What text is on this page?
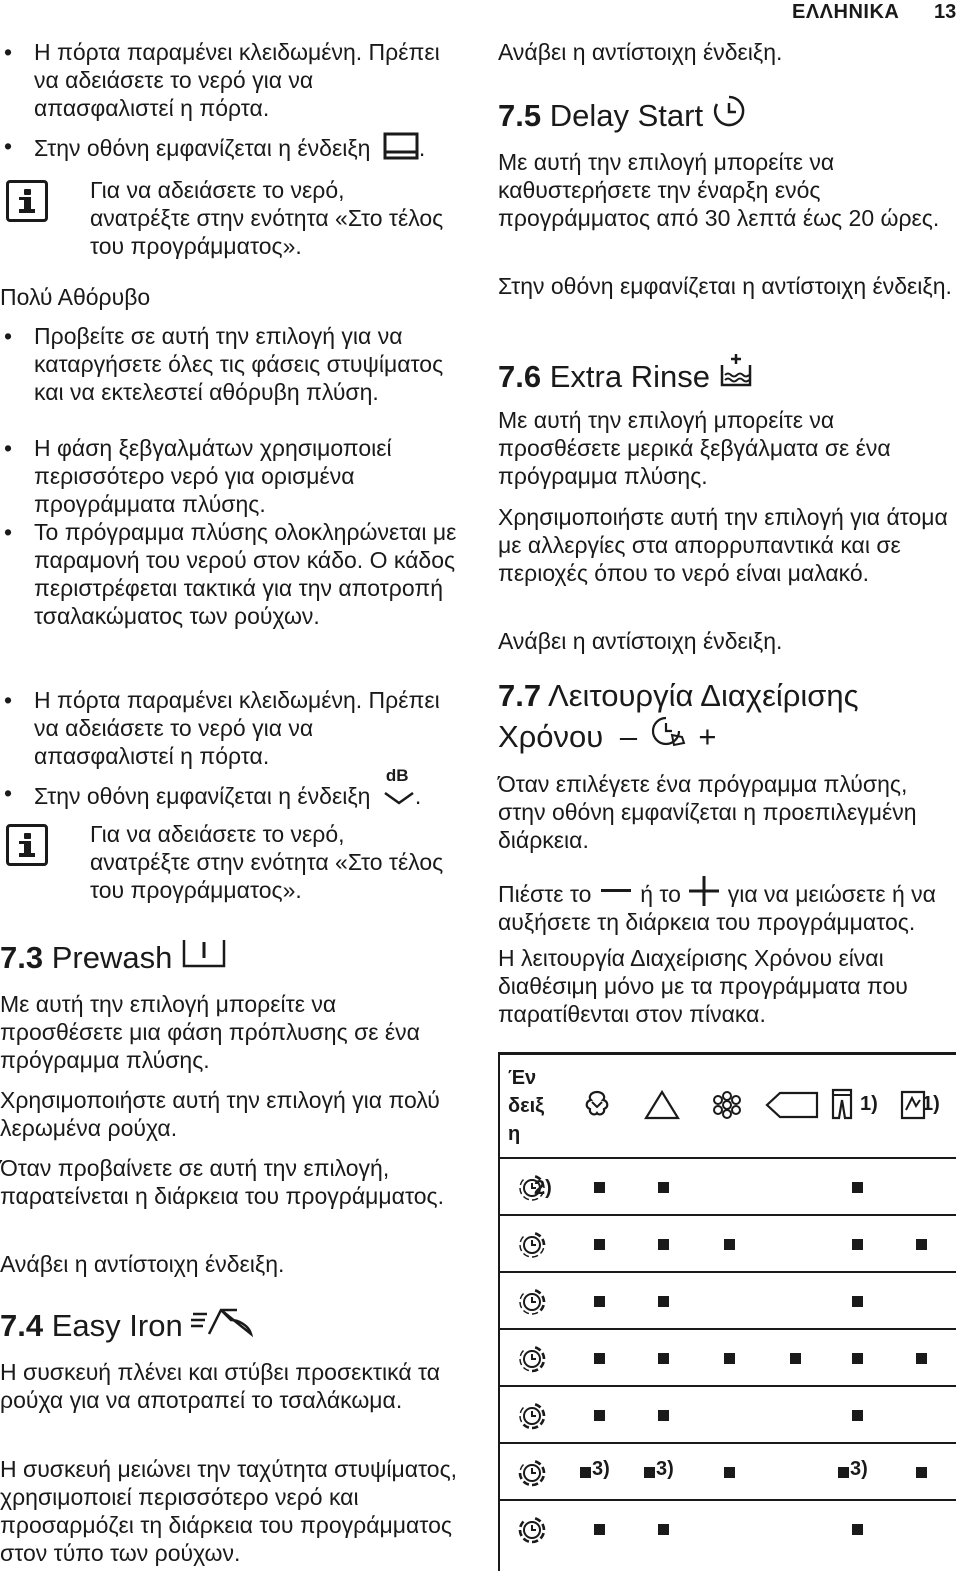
ΕΛΛΗΝΙΚΑ 13
• Η πόρτα παραμένει κλειδωμένη. Πρέπει να αδειάσετε το νερό για να απασφαλιστεί η πόρτα.
• Στην οθόνη εμφανίζεται η ένδειξη .
Για να αδειάσετε το νερό, ανατρέξτε στην ενότητα «Στο τέλος του προγράμματος».
Πολύ Αθόρυβο
• Προβείτε σε αυτή την επιλογή για να καταργήσετε όλες τις φάσεις στυψίματος και να εκτελεστεί αθόρυβη πλύση.
• Η φάση ξεβγαλμάτων χρησιμοποιεί περισσότερο νερό για ορισμένα προγράμματα πλύσης.
• Το πρόγραμμα πλύσης ολοκληρώνεται με παραμονή του νερού στον κάδο. Ο κάδος περιστρέφεται τακτικά για την αποτροπή τσαλακώματος των ρούχων.
• Η πόρτα παραμένει κλειδωμένη. Πρέπει να αδειάσετε το νερό για να απασφαλιστεί η πόρτα.
• Στην οθόνη εμφανίζεται η ένδειξη
dB
.
Για να αδειάσετε το νερό, ανατρέξτε στην ενότητα «Στο τέλος του προγράμματος».
7.3 Prewash
Με αυτή την επιλογή μπορείτε να προσθέσετε μια φάση πρόπλυσης σε ένα πρόγραμμα πλύσης.
Χρησιμοποιήστε αυτή την επιλογή για πολύ λερωμένα ρούχα.
Όταν προβαίνετε σε αυτή την επιλογή, παρατείνεται η διάρκεια του προγράμματος.
Ανάβει η αντίστοιχη ένδειξη.
7.4 Easy Iron
Η συσκευή πλένει και στύβει προσεκτικά τα ρούχα για να αποτραπεί το τσαλάκωμα.
Η συσκευή μειώνει την ταχύτητα στυψίματος, χρησιμοποιεί περισσότερο νερό και προσαρμόζει τη διάρκεια του προγράμματος στον τύπο των ρούχων.
Ανάβει η αντίστοιχη ένδειξη.
7.5 Delay Start
Με αυτή την επιλογή μπορείτε να καθυστερήσετε την έναρξη ενός προγράμματος από 30 λεπτά έως 20 ώρες.
Στην οθόνη εμφανίζεται η αντίστοιχη ένδειξη.
7.6 Extra Rinse
Με αυτή την επιλογή μπορείτε να προσθέσετε μερικά ξεβγάλματα σε ένα πρόγραμμα πλύσης.
Χρησιμοποιήστε αυτή την επιλογή για άτομα με αλλεργίες στα απορρυπαντικά και σε περιοχές όπου το νερό είναι μαλακό.
Ανάβει η αντίστοιχη ένδειξη.
7.7 Λειτουργία Διαχείρισης
Χρόνου – +
Όταν επιλέγετε ένα πρόγραμμα πλύσης, στην οθόνη εμφανίζεται η προεπιλεγμένη διάρκεια.
Πιέστε το ή το για να μειώσετε ή να αυξήσετε τη διάρκεια του προγράμματος.
Η λειτουργία Διαχείρισης Χρόνου είναι διαθέσιμη μόνο με τα προγράμματα που παρατίθενται στον πίνακα.
Έν δειξ η
1) 1)
2)
3) 3)	3)
